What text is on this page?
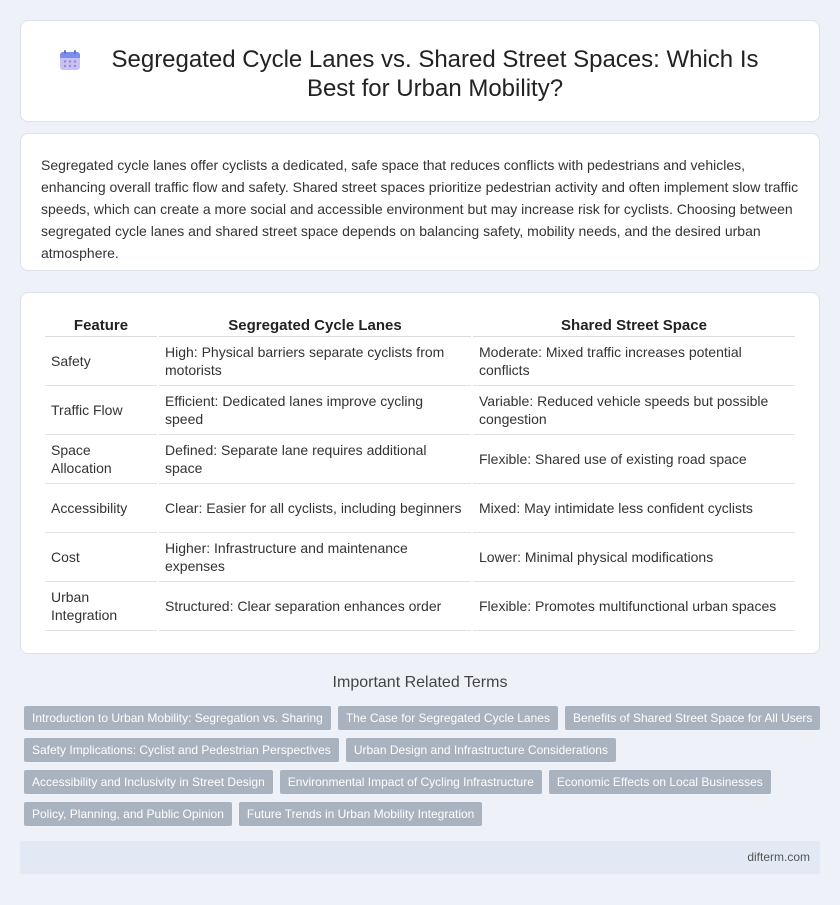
Segregated Cycle Lanes vs. Shared Street Spaces: Which Is Best for Urban Mobility?

Segregated cycle lanes offer cyclists a dedicated, safe space that reduces conflicts with pedestrians and vehicles, enhancing overall traffic flow and safety. Shared street spaces prioritize pedestrian activity and often implement slow traffic speeds, which can create a more social and accessible environment but may increase risk for cyclists. Choosing between segregated cycle lanes and shared street space depends on balancing safety, mobility needs, and the desired urban atmosphere.

Feature	Segregated Cycle Lanes	Shared Street Space
Safety	High: Physical barriers separate cyclists from motorists	Moderate: Mixed traffic increases potential conflicts
Traffic Flow	Efficient: Dedicated lanes improve cycling speed	Variable: Reduced vehicle speeds but possible congestion
Space Allocation	Defined: Separate lane requires additional space	Flexible: Shared use of existing road space
Accessibility	Clear: Easier for all cyclists, including beginners	Mixed: May intimidate less confident cyclists
Cost	Higher: Infrastructure and maintenance expenses	Lower: Minimal physical modifications
Urban Integration	Structured: Clear separation enhances order	Flexible: Promotes multifunctional urban spaces
Important Related Terms
Introduction to Urban Mobility: Segregation vs. Sharing	The Case for Segregated Cycle Lanes	Benefits of Shared Street Space for All Users
Safety Implications: Cyclist and Pedestrian Perspectives	Urban Design and Infrastructure Considerations
Accessibility and Inclusivity in Street Design	Environmental Impact of Cycling Infrastructure	Economic Effects on Local Businesses
Policy, Planning, and Public Opinion	Future Trends in Urban Mobility Integration
difterm.com
